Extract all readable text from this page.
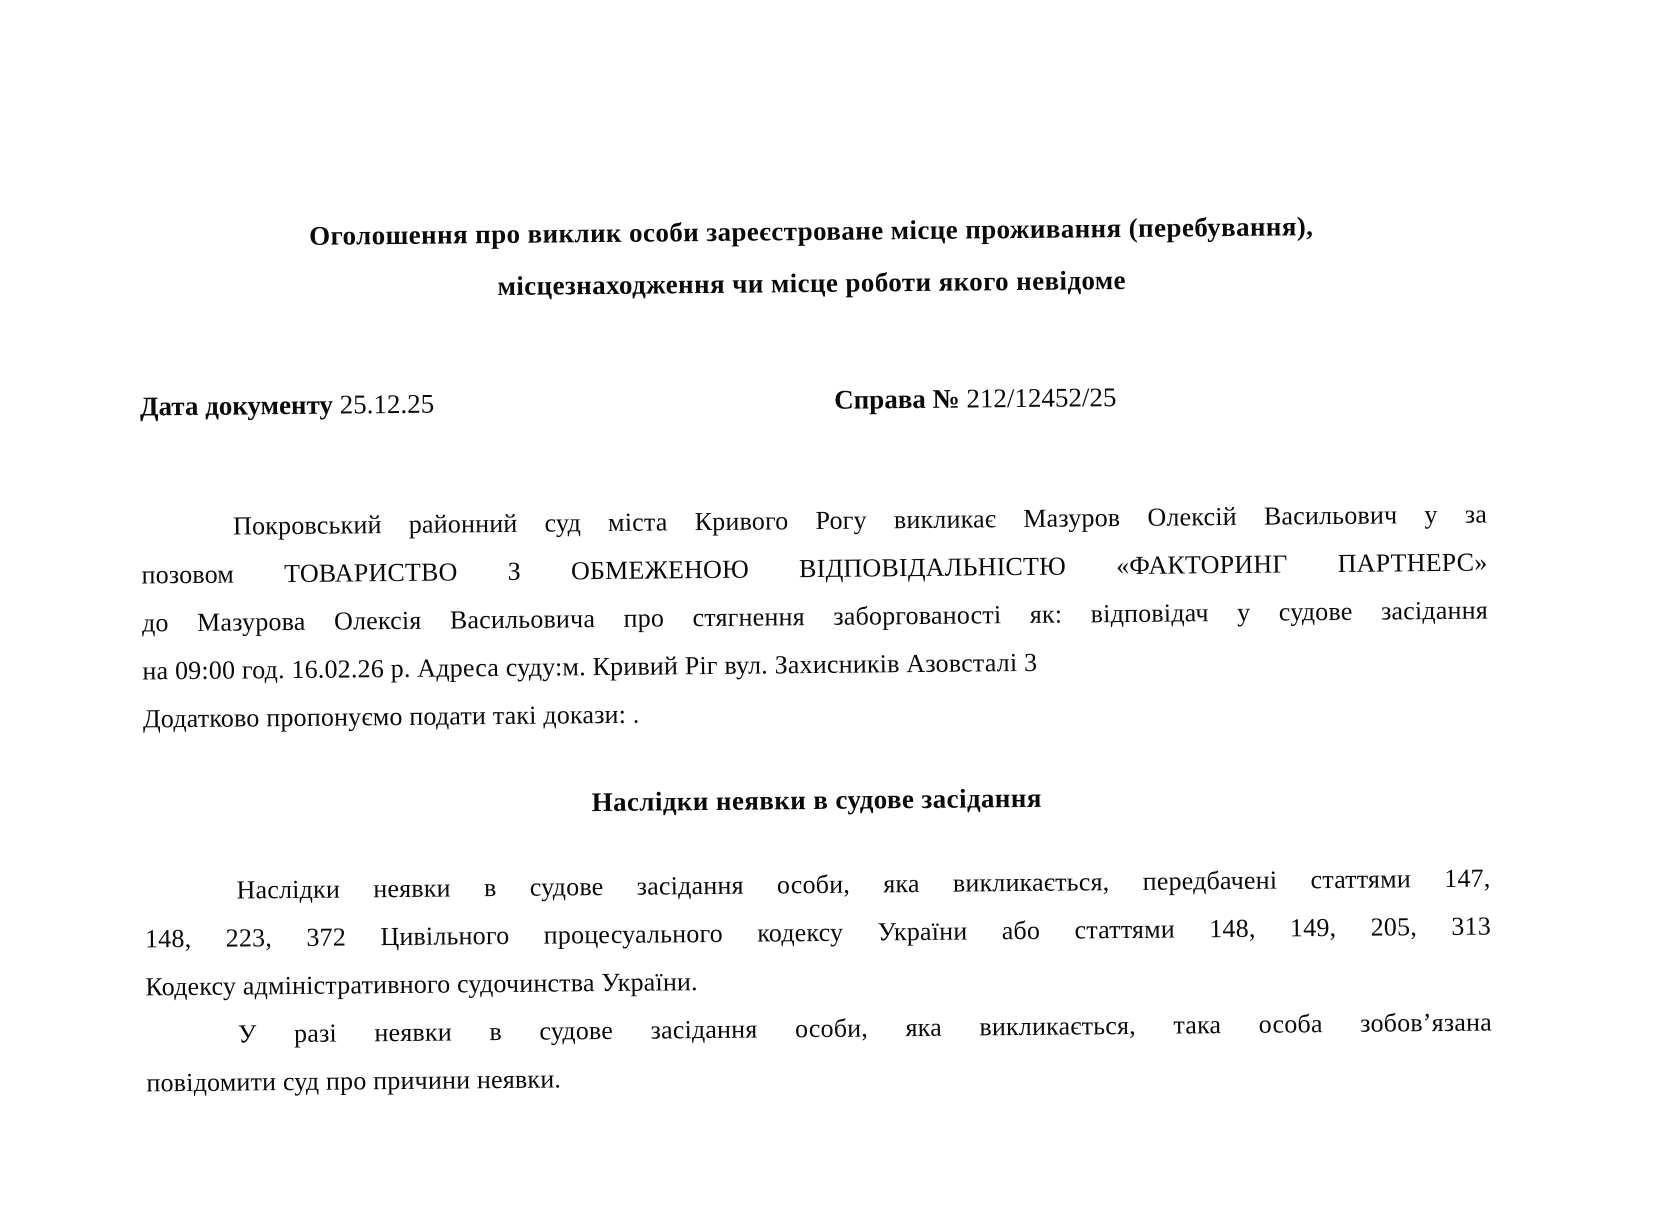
Оголошення про виклик особи зареєстроване місце проживання (перебування),
місцезнаходження чи місце роботи якого невідоме
Дата документу 25.12.25	Справа № 212/12452/25
Покровський районний суд міста Кривого Рогу викликає Мазуров Олексій Васильович у за
позовом ТОВАРИСТВО З ОБМЕЖЕНОЮ ВІДПОВІДАЛЬНІСТЮ «ФАКТОРИНГ ПАРТНЕРС»
до Мазурова Олексія Васильовича про стягнення заборгованості як: відповідач у судове засідання
на 09:00 год. 16.02.26 р. Адреса суду:м. Кривий Ріг вул. Захисників Азовсталі 3
Додатково пропонуємо подати такі докази: .
Наслідки неявки в судове засідання
Наслідки неявки в судове засідання особи, яка викликається, передбачені статтями 147,
148, 223, 372 Цивільного процесуального кодексу України або статтями 148, 149, 205, 313
Кодексу адміністративного судочинства України.
У разі неявки в судове засідання особи, яка викликається, така особа зобов’язана
повідомити суд про причини неявки.
